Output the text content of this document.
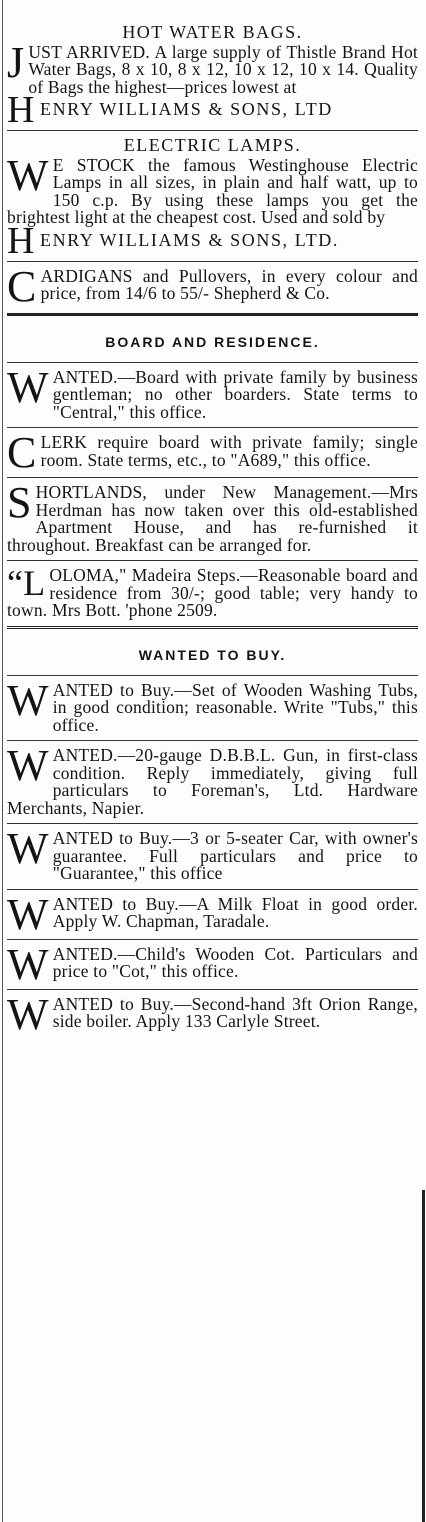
HOT WATER BAGS.

JUST ARRIVED. A large supply of Thistle Brand Hot Water Bags, 8 x 10, 8 x 12, 10 x 12, 10 x 14. Quality of Bags the highest—prices lowest at

HENRY WILLIAMS & SONS, LTD

ELECTRIC LAMPS.

W E STOCK the famous Westinghouse Electric Lamps in all sizes, in plain and half watt, up to 150 c.p. By using these lamps you get the brightest light at the cheapest cost. Used and sold by

HENRY WILLIAMS & SONS, LTD.

CARDIGANS and Pullovers, in every colour and price, from 14/6 to 55/- Shepherd & Co.

BOARD AND RESIDENCE.

WANTED.—Board with private family by business gentleman; no other boarders. State terms to "Central," this office.

CLERK require board with private family; single room. State terms, etc., to "A689," this office.

SHORTLANDS, under New Management.—Mrs Herdman has now taken over this old-established Apartment House, and has re-furnished it throughout. Breakfast can be arranged for.

“LOLOMA," Madeira Steps.—Reasonable board and residence from 30/-; good table; very handy to town. Mrs Bott. 'phone 2509.

WANTED TO BUY.

WANTED to Buy.—Set of Wooden Washing Tubs, in good condition; reasonable. Write "Tubs," this office.

WANTED.—20-gauge D.B.B.L. Gun, in first-class condition. Reply immediately, giving full particulars to Foreman's, Ltd. Hardware Merchants, Napier.

WANTED to Buy.—3 or 5-seater Car, with owner's guarantee. Full particulars and price to "Guarantee," this office

WANTED to Buy.—A Milk Float in good order. Apply W. Chapman, Taradale.

WANTED.—Child's Wooden Cot. Particulars and price to "Cot," this office.

WANTED to Buy.—Second-hand 3ft Orion Range, side boiler. Apply 133 Carlyle Street.
